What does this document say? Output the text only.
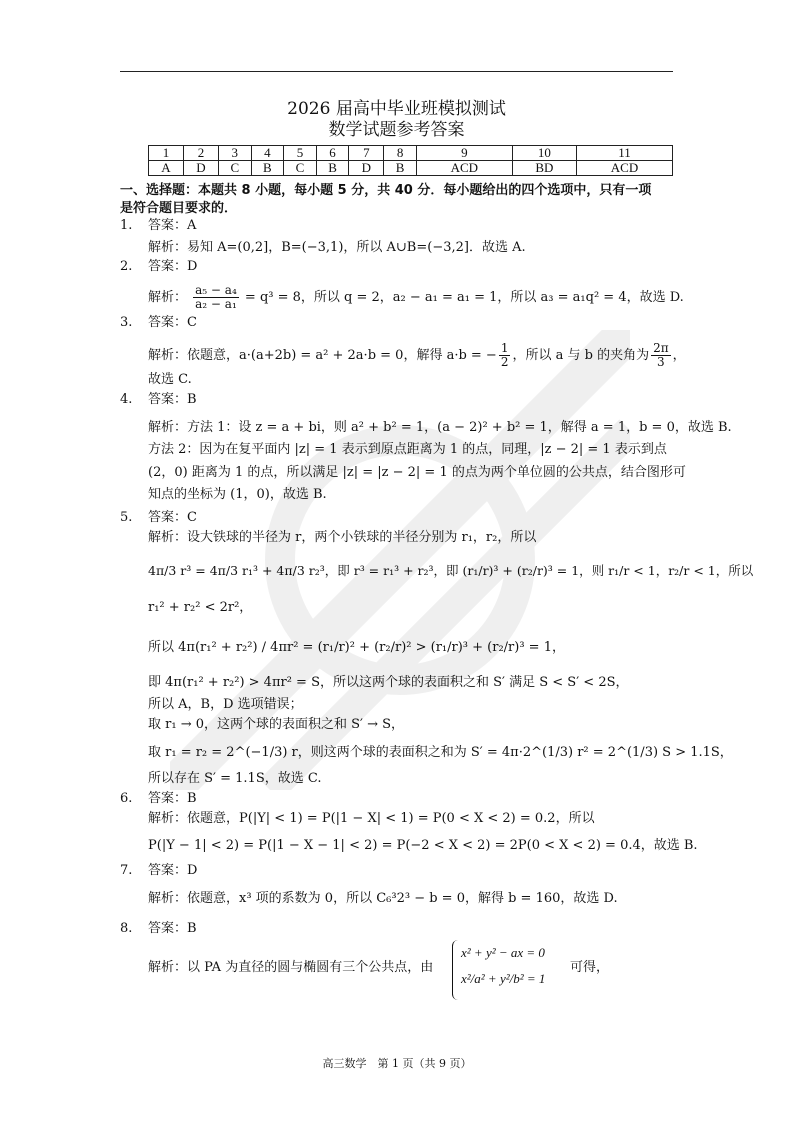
2026 届高中毕业班模拟测试
数学试题参考答案
1	2	3	4	5	6	7	8	9	10	11
A	D	C	B	C	B	D	B	ACD	BD	ACD
一、选择题：本题共 8 小题，每小题 5 分，共 40 分．每小题给出的四个选项中，只有一项
是符合题目要求的．
1. 答案：A
解析：易知 A=(0,2]，B=(−3,1)，所以 A∪B=(−3,2]．故选 A.
2. 答案：D
解析： $\frac{\text{a₅ − a₄}}{\text{a₂ − a₁}} = q^3 = 8$，所以 q = 2，a₂ − a₁ = a₁ = 1，所以 a₃ = a₁q² = 4，故选 D.
3. 答案：C
解析：依题意，a·(a+2b) = a² + 2a·b = 0，解得 a·b = − $\frac{1}{2}$ ，所以 a 与 b 的夹角为 $\frac{2\pi}{3}$ ，
故选 C.
4. 答案：B
解析：方法 1：设 z = a + bi，则 a² + b² = 1，(a − 2)² + b² = 1，解得 a = 1，b = 0，故选 B.
方法 2：因为在复平面内 |z| = 1 表示到原点距离为 1 的点，同理，|z − 2| = 1 表示到点
(2，0) 距离为 1 的点，所以满足 |z| = |z − 2| = 1 的点为两个单位圆的公共点，结合图形可
知点的坐标为 (1，0)，故选 B.
5. 答案：C
解析：设大铁球的半径为 r，两个小铁球的半径分别为 r₁，r₂，所以
4π/3 r³ = 4π/3 r₁³ + 4π/3 r₂³，即 r³ = r₁³ + r₂³，即 (r₁/r)³ + (r₂/r)³ = 1，则 r₁/r < 1，r₂/r < 1，所以
r₁² + r₂² < 2r²，
所以 4π(r₁² + r₂²) / 4πr² = (r₁/r)² + (r₂/r)² > (r₁/r)³ + (r₂/r)³ = 1，
即 4π(r₁² + r₂²) > 4πr² = S，所以这两个球的表面积之和 S′ 满足 S < S′ < 2S，
所以 A，B，D 选项错误；
取 r₁ → 0，这两个球的表面积之和 S′ → S，
取 r₁ = r₂ = 2^(−1/3) r，则这两个球的表面积之和为 S′ = 4π·2^(1/3) r² = 2^(1/3) S > 1.1S，
所以存在 S′ = 1.1S，故选 C.
6. 答案：B
解析：依题意，P(|Y| < 1) = P(|1 − X| < 1) = P(0 < X < 2) = 0.2，所以
P(|Y − 1| < 2) = P(|1 − X − 1| < 2) = P(−2 < X < 2) = 2P(0 < X < 2) = 0.4，故选 B.
7. 答案：D
解析：依题意，x³ 项的系数为 0，所以 C₆³2³ − b = 0，解得 b = 160，故选 D.
8. 答案：B
解析：以 PA 为直径的圆与椭圆有三个公共点，由
x² + y² − ax = 0
x²/a² + y²/b² = 1
可得，
高三数学　第 1 页（共 9 页）
